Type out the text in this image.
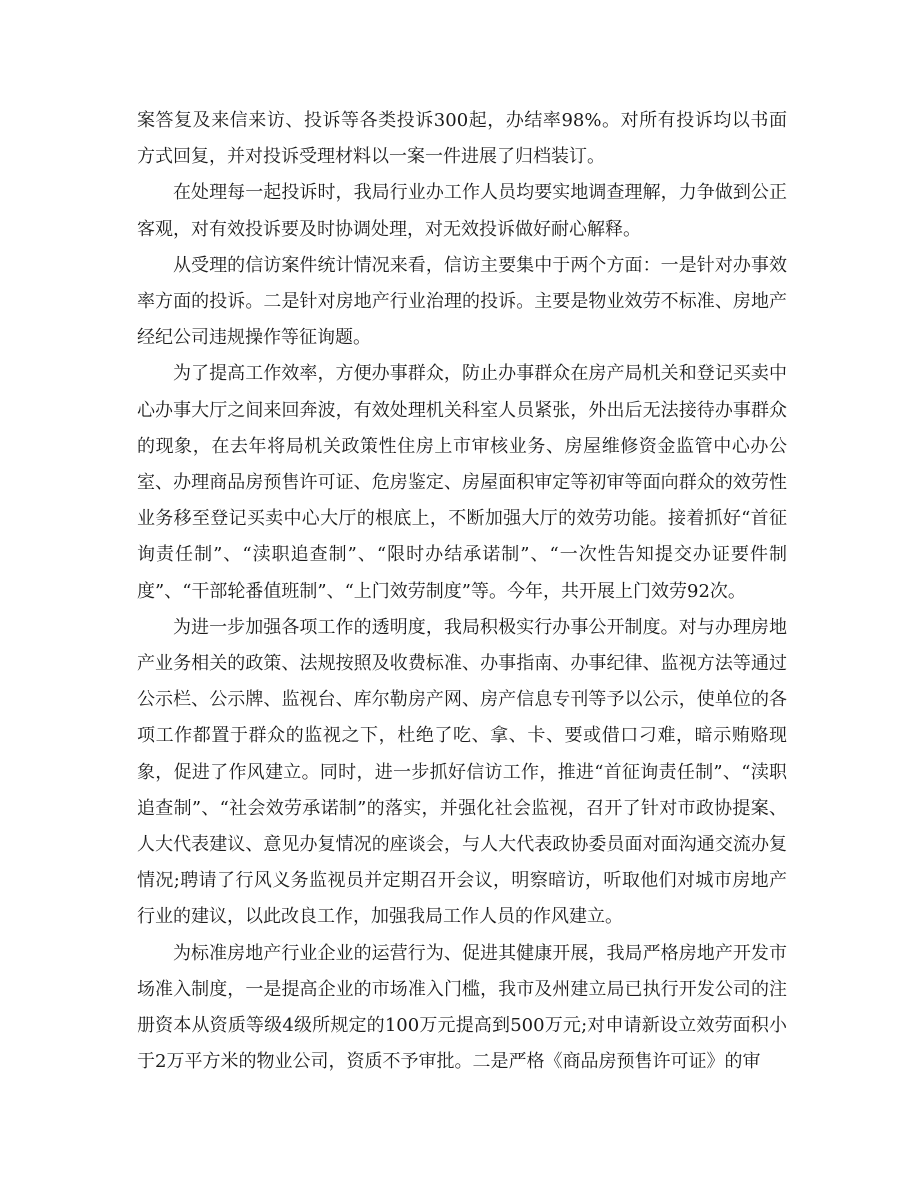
案答复及来信来访、投诉等各类投诉300起，办结率98%。对所有投诉均以书面方式回复，并对投诉受理材料以一案一件进展了归档装订。

在处理每一起投诉时，我局行业办工作人员均要实地调查理解，力争做到公正客观，对有效投诉要及时协调处理，对无效投诉做好耐心解释。

从受理的信访案件统计情况来看，信访主要集中于两个方面：一是针对办事效率方面的投诉。二是针对房地产行业治理的投诉。主要是物业效劳不标准、房地产经纪公司违规操作等征询题。

为了提高工作效率，方便办事群众，防止办事群众在房产局机关和登记买卖中心办事大厅之间来回奔波，有效处理机关科室人员紧张，外出后无法接待办事群众的现象，在去年将局机关政策性住房上市审核业务、房屋维修资金监管中心办公室、办理商品房预售许可证、危房鉴定、房屋面积审定等初审等面向群众的效劳性业务移至登记买卖中心大厅的根底上，不断加强大厅的效劳功能。接着抓好“首征询责任制”、“渎职追查制”、“限时办结承诺制”、“一次性告知提交办证要件制度”、“干部轮番值班制”、“上门效劳制度”等。今年，共开展上门效劳92次。

为进一步加强各项工作的透明度，我局积极实行办事公开制度。对与办理房地产业务相关的政策、法规按照及收费标准、办事指南、办事纪律、监视方法等通过公示栏、公示牌、监视台、库尔勒房产网、房产信息专刊等予以公示，使单位的各项工作都置于群众的监视之下，杜绝了吃、拿、卡、要或借口刁难，暗示贿赂现象，促进了作风建立。同时，进一步抓好信访工作，推进“首征询责任制”、“渎职追查制”、“社会效劳承诺制”的落实，并强化社会监视，召开了针对市政协提案、人大代表建议、意见办复情况的座谈会，与人大代表政协委员面对面沟通交流办复情况;聘请了行风义务监视员并定期召开会议，明察暗访，听取他们对城市房地产行业的建议，以此改良工作，加强我局工作人员的作风建立。

为标准房地产行业企业的运营行为、促进其健康开展，我局严格房地产开发市场准入制度，一是提高企业的市场准入门槛，我市及州建立局已执行开发公司的注册资本从资质等级4级所规定的100万元提高到500万元;对申请新设立效劳面积小于2万平方米的物业公司，资质不予审批。二是严格《商品房预售许可证》的审
